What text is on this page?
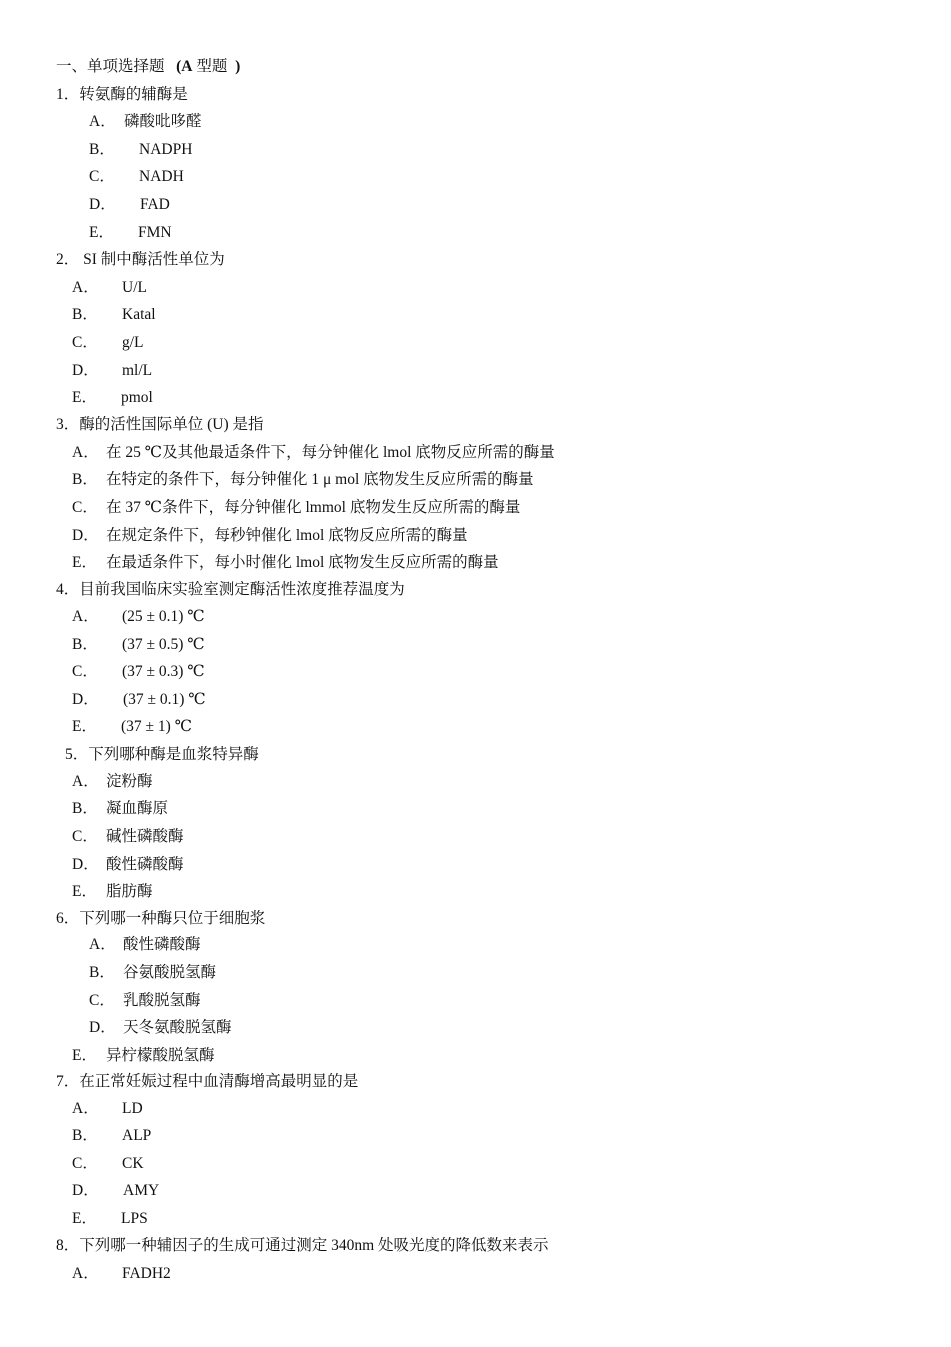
一、单项选择题 (A 型题 )
1．转氨酶的辅酶是
A． 磷酸吡哆醛
B．	NADPH
C．	NADH
D．	FAD
E．	FMN
2． SI 制中酶活性单位为
A．	U/L
B．	Katal
C．	g/L
D．	ml/L
E．	pmol
3．酶的活性国际单位 (U) 是指
A． 在 25 ℃及其他最适条件下，每分钟催化 lmol 底物反应所需的酶量
B． 在特定的条件下，每分钟催化 1 μ mol 底物发生反应所需的酶量
C． 在 37 ℃条件下，每分钟催化 lmmol 底物发生反应所需的酶量
D． 在规定条件下，每秒钟催化 lmol 底物反应所需的酶量
E． 在最适条件下，每小时催化 lmol 底物发生反应所需的酶量
4．目前我国临床实验室测定酶活性浓度推荐温度为
A．	(25 ± 0.1) ℃
B．	(37 ± 0.5) ℃
C．	(37 ± 0.3) ℃
D．	(37 ± 0.1) ℃
E．	(37 ± 1) ℃
5．下列哪种酶是血浆特异酶
A． 淀粉酶
B． 凝血酶原
C． 碱性磷酸酶
D． 酸性磷酸酶
E． 脂肪酶
6．下列哪一种酶只位于细胞浆
A． 酸性磷酸酶
B． 谷氨酸脱氢酶
C． 乳酸脱氢酶
D． 天冬氨酸脱氢酶
E． 异柠檬酸脱氢酶
7．在正常妊娠过程中血清酶增高最明显的是
A．	LD
B．	ALP
C．	CK
D．	AMY
E．	LPS
8．下列哪一种辅因子的生成可通过测定 340nm 处吸光度的降低数来表示
A．	FADH2
